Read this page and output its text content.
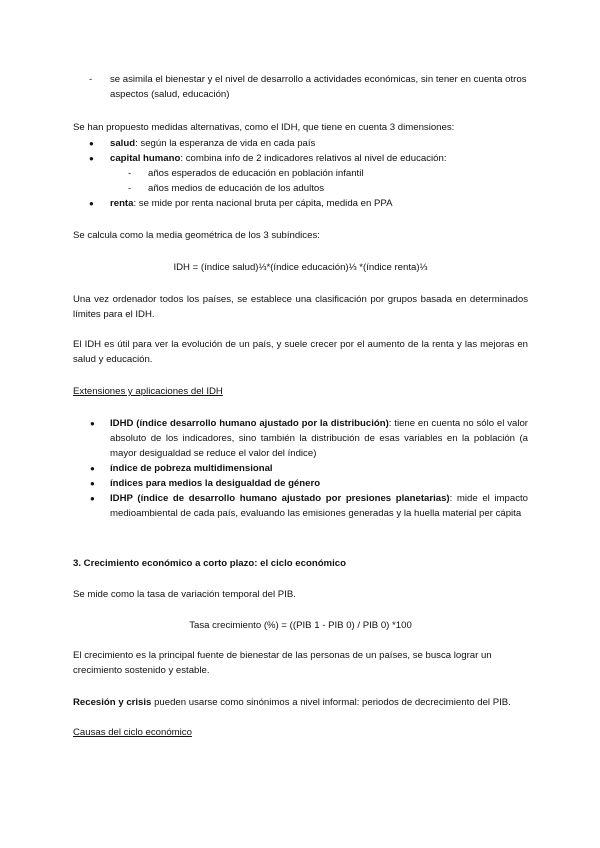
- se asimila el bienestar y el nivel de desarrollo a actividades económicas, sin tener en cuenta otros aspectos (salud, educación)
Se han propuesto medidas alternativas, como el IDH, que tiene en cuenta 3 dimensiones:
● salud: según la esperanza de vida en cada país
● capital humano: combina info de 2 indicadores relativos al nivel de educación:
- años esperados de educación en población infantil
- años medios de educación de los adultos
● renta: se mide por renta nacional bruta per cápita, medida en PPA
Se calcula como la media geométrica de los 3 subíndices:
IDH = (índice salud)⅓*(índice educación)⅓ *(índice renta)⅓
Una vez ordenador todos los países, se establece una clasificación por grupos basada en determinados límites para el IDH.
El IDH es útil para ver la evolución de un país, y suele crecer por el aumento de la renta y las mejoras en salud y educación.
Extensiones y aplicaciones del IDH
● IDHD (índice desarrollo humano ajustado por la distribución): tiene en cuenta no sólo el valor absoluto de los indicadores, sino también la distribución de esas variables en la población (a mayor desigualdad se reduce el valor del índice)
● índice de pobreza multidimensional
● índices para medios la desigualdad de género
● IDHP (índice de desarrollo humano ajustado por presiones planetarias): mide el impacto medioambiental de cada país, evaluando las emisiones generadas y la huella material per cápita
3. Crecimiento económico a corto plazo: el ciclo económico
Se mide como la tasa de variación temporal del PIB.
Tasa crecimiento (%) = ((PIB 1 - PIB 0) / PIB 0) *100
El crecimiento es la principal fuente de bienestar de las personas de un países, se busca lograr un crecimiento sostenido y estable.
Recesión y crisis pueden usarse como sinónimos a nivel informal: periodos de decrecimiento del PIB.
Causas del ciclo económico
